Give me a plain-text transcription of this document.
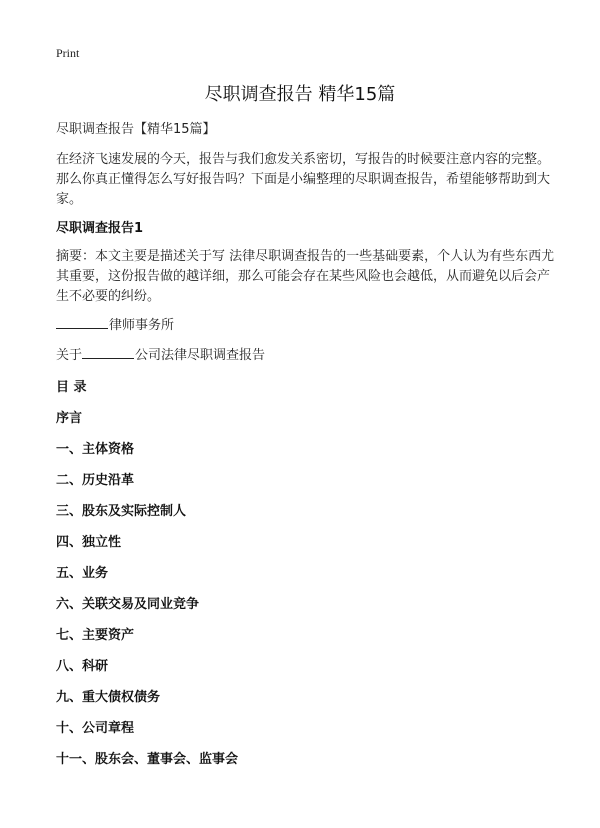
Print
尽职调查报告 精华15篇

尽职调查报告【精华15篇】

在经济飞速发展的今天，报告与我们愈发关系密切，写报告的时候要注意内容的完整。那么你真正懂得怎么写好报告吗？下面是小编整理的尽职调查报告，希望能够帮助到大家。

尽职调查报告1

摘要：本文主要是描述关于写 法律尽职调查报告的一些基础要素，个人认为有些东西尤其重要，这份报告做的越详细，那么可能会存在某些风险也会越低，从而避免以后会产生不必要的纠纷。

律师事务所

关于	公司法律尽职调查报告

目 录
序言
一、主体资格
二、历史沿革
三、股东及实际控制人
四、独立性
五、业务
六、关联交易及同业竞争
七、主要资产
八、科研
九、重大债权债务
十、公司章程
十一、股东会、董事会、监事会
